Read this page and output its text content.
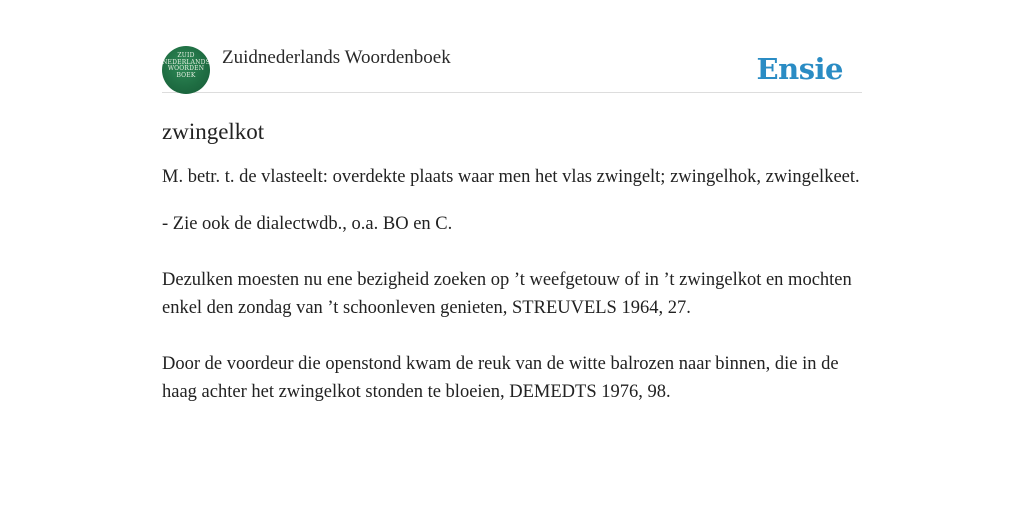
ZUID
NEDERLANDS
WOORDEN
BOEK
Zuidnederlands Woordenboek	Ensie
zwingelkot

M. betr. t. de vlasteelt: overdekte plaats waar men het vlas zwingelt; zwingelhok, zwingelkeet.

- Zie ook de dialectwdb., o.a. BO en C.

Dezulken moesten nu ene bezigheid zoeken op ’t weefgetouw of in ’t zwingelkot en mochten enkel den zondag van ’t schoonleven genieten, STREUVELS 1964, 27.

Door de voordeur die openstond kwam de reuk van de witte balrozen naar binnen, die in de haag achter het zwingelkot stonden te bloeien, DEMEDTS 1976, 98.
